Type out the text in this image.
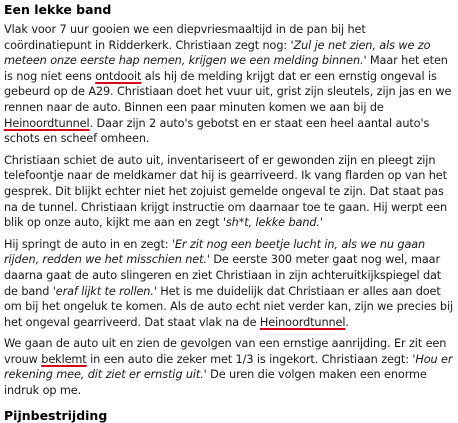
Een lekke band

Vlak voor 7 uur gooien we een diepvriesmaaltijd in de pan bij het coördinatiepunt in Ridderkerk. Christiaan zegt nog: 'Zul je net zien, als we zo meteen onze eerste hap nemen, krijgen we een melding binnen.' Maar het eten is nog niet eens ontdooit als hij de melding krijgt dat er een ernstig ongeval is gebeurd op de A29. Christiaan doet het vuur uit, grist zijn sleutels, zijn jas en we rennen naar de auto. Binnen een paar minuten komen we aan bij de Heinoordtunnel. Daar zijn 2 auto's gebotst en er staat een heel aantal auto's schots en scheef omheen.

Christiaan schiet de auto uit, inventariseert of er gewonden zijn en pleegt zijn telefoontje naar de meldkamer dat hij is gearriveerd. Ik vang flarden op van het gesprek. Dit blijkt echter niet het zojuist gemelde ongeval te zijn. Dat staat pas na de tunnel. Christiaan krijgt instructie om daarnaar toe te gaan. Hij werpt een blik op onze auto, kijkt me aan en zegt 'sh*t, lekke band.'

Hij springt de auto in en zegt: 'Er zit nog een beetje lucht in, als we nu gaan rijden, redden we het misschien net.' De eerste 300 meter gaat nog wel, maar daarna gaat de auto slingeren en ziet Christiaan in zijn achteruitkijkspiegel dat de band 'eraf lijkt te rollen.' Het is me duidelijk dat Christiaan er alles aan doet om bij het ongeluk te komen. Als de auto echt niet verder kan, zijn we precies bij het ongeval gearriveerd. Dat staat vlak na de Heinoordtunnel.

We gaan de auto uit en zien de gevolgen van een ernstige aanrijding. Er zit een vrouw beklemt in een auto die zeker met 1/3 is ingekort. Christiaan zegt: 'Hou er rekening mee, dit ziet er ernstig uit.' De uren die volgen maken een enorme indruk op me.

Pijnbestrijding
